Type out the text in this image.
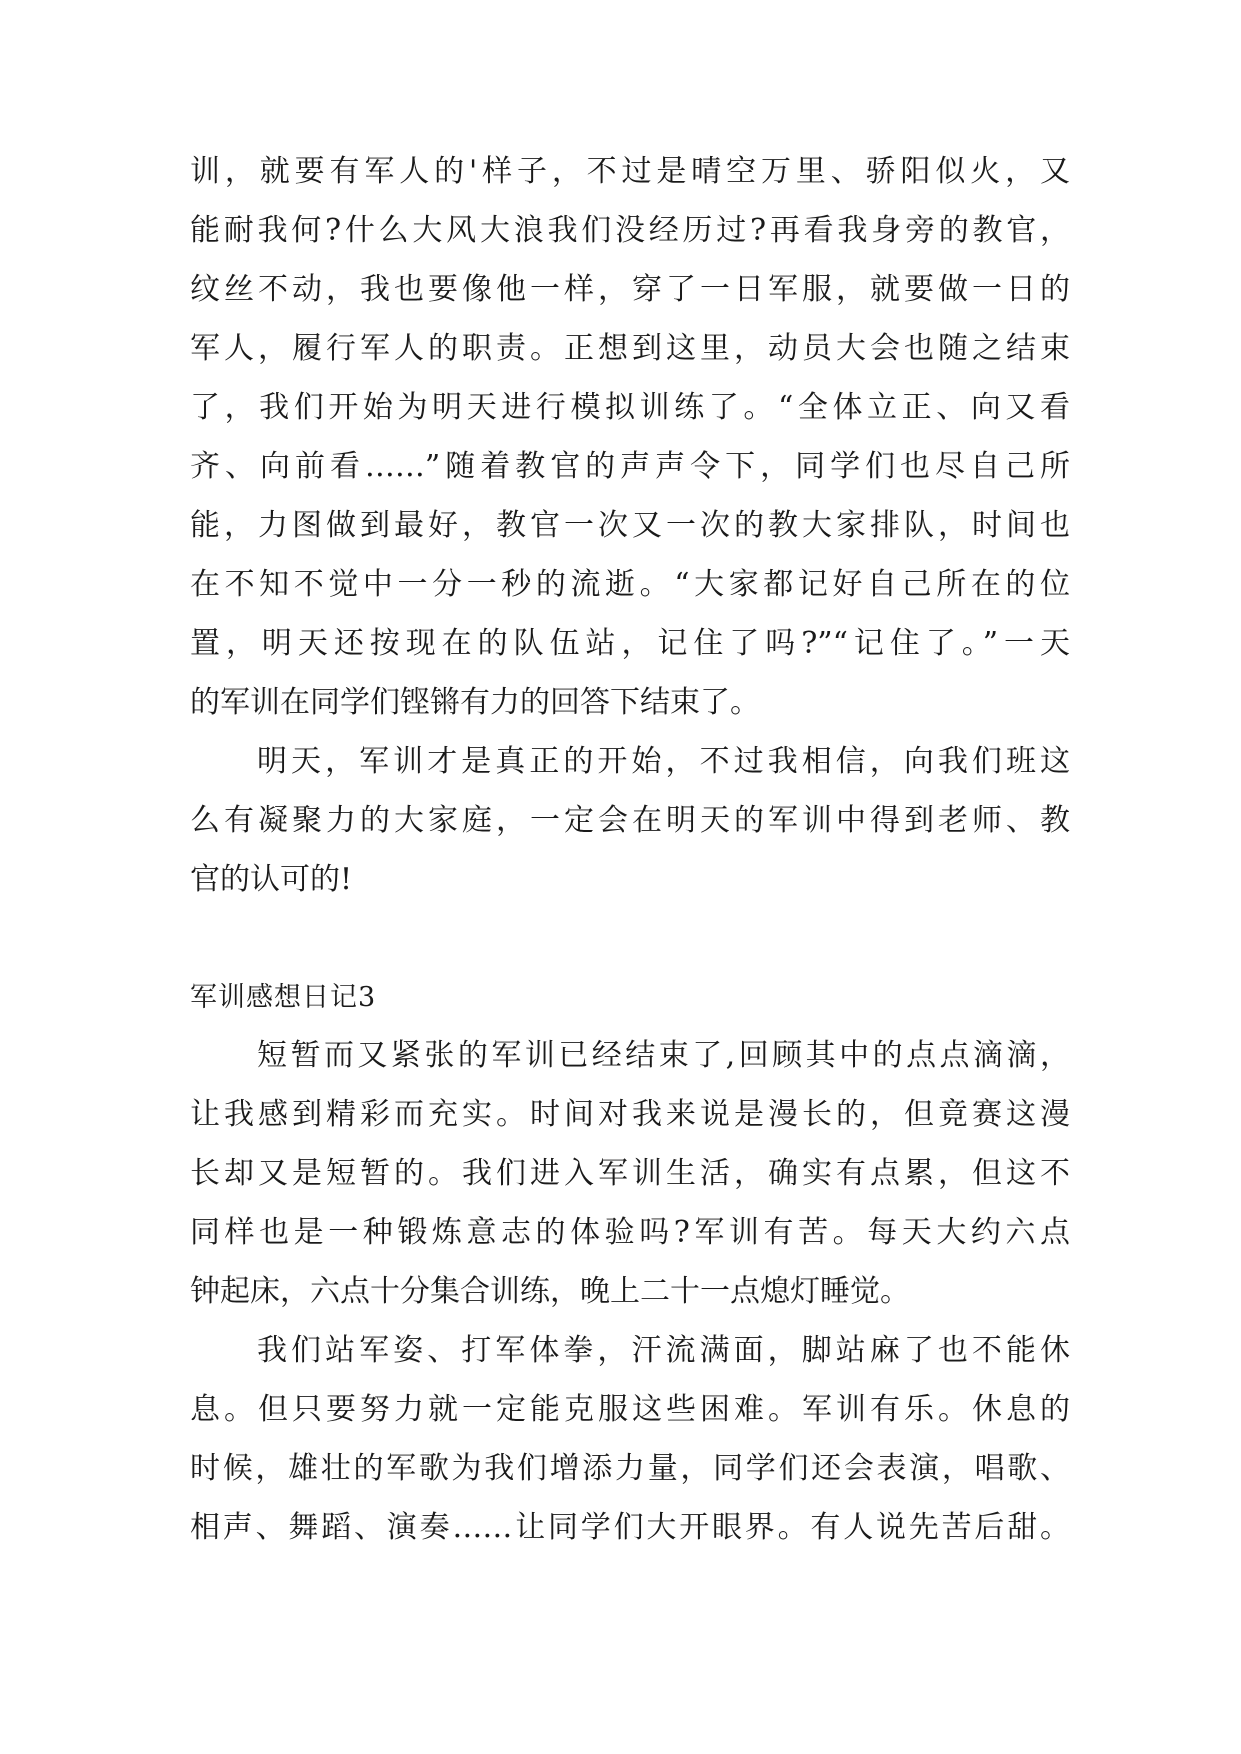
训，就要有军人的'样子，不过是晴空万里、骄阳似火，又
能耐我何?什么大风大浪我们没经历过?再看我身旁的教官，
纹丝不动，我也要像他一样，穿了一日军服，就要做一日的
军人，履行军人的职责。正想到这里，动员大会也随之结束
了，我们开始为明天进行模拟训练了。“全体立正、向又看
齐、向前看……”随着教官的声声令下，同学们也尽自己所
能，力图做到最好，教官一次又一次的教大家排队，时间也
在不知不觉中一分一秒的流逝。“大家都记好自己所在的位
置，明天还按现在的队伍站，记住了吗?”“记住了。”一天
的军训在同学们铿锵有力的回答下结束了。
明天，军训才是真正的开始，不过我相信，向我们班这
么有凝聚力的大家庭，一定会在明天的军训中得到老师、教
官的认可的!
军训感想日记3
短暂而又紧张的军训已经结束了,回顾其中的点点滴滴，
让我感到精彩而充实。时间对我来说是漫长的，但竟赛这漫
长却又是短暂的。我们进入军训生活，确实有点累，但这不
同样也是一种锻炼意志的体验吗?军训有苦。每天大约六点
钟起床，六点十分集合训练，晚上二十一点熄灯睡觉。
我们站军姿、打军体拳，汗流满面，脚站麻了也不能休
息。但只要努力就一定能克服这些困难。军训有乐。休息的
时候，雄壮的军歌为我们增添力量，同学们还会表演，唱歌、
相声、舞蹈、演奏……让同学们大开眼界。有人说先苦后甜。
